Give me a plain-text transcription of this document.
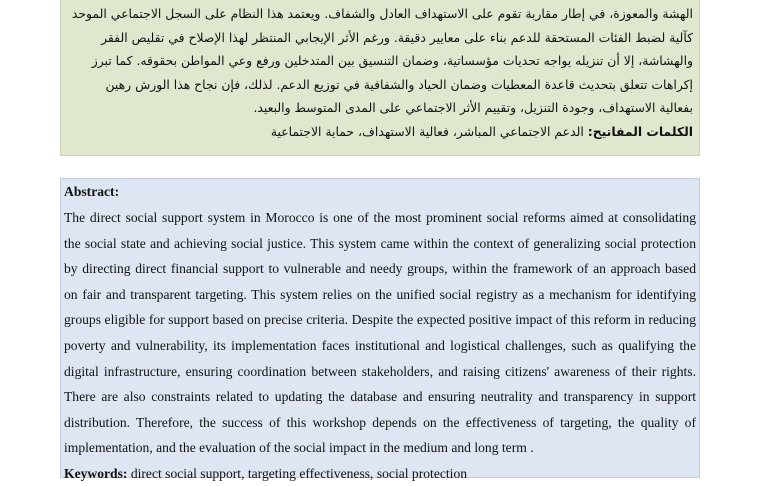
الهشة والمعوزة، في إطار مقاربة تقوم على الاستهداف العادل والشفاف. ويعتمد هذا النظام على السجل الاجتماعي الموحد
كآلية لضبط الفئات المستحقة للدعم بناء على معايير دقيقة. ورغم الأثر الإيجابي المنتظر لهذا الإصلاح في تقليص الفقر
والهشاشة، إلا أن تنزيله يواجه تحديات مؤسساتية، وضمان التنسيق بين المتدخلين ورفع وعي المواطن بحقوقه. كما تبرز
إكراهات تتعلق بتحديث قاعدة المعطيات وضمان الحياد والشفافية في توزيع الدعم. لذلك، فإن نجاح هذا الورش رهين
بفعالية الاستهداف، وجودة التنزيل، وتقييم الأثر الاجتماعي على المدى المتوسط والبعيد.
الكلمات المفاتيح: الدعم الاجتماعي المباشر، فعالية الاستهداف، حماية الاجتماعية
Abstract:
The direct social support system in Morocco is one of the most prominent social reforms aimed at consolidating
the social state and achieving social justice. This system came within the context of generalizing social protection
by directing direct financial support to vulnerable and needy groups, within the framework of an approach based
on fair and transparent targeting. This system relies on the unified social registry as a mechanism for identifying
groups eligible for support based on precise criteria. Despite the expected positive impact of this reform in reducing
poverty and vulnerability, its implementation faces institutional and logistical challenges, such as qualifying the
digital infrastructure, ensuring coordination between stakeholders, and raising citizens' awareness of their rights.
There are also constraints related to updating the database and ensuring neutrality and transparency in support
distribution. Therefore, the success of this workshop depends on the effectiveness of targeting, the quality of
implementation, and the evaluation of the social impact in the medium and long term .
Keywords: direct social support, targeting effectiveness, social protection
